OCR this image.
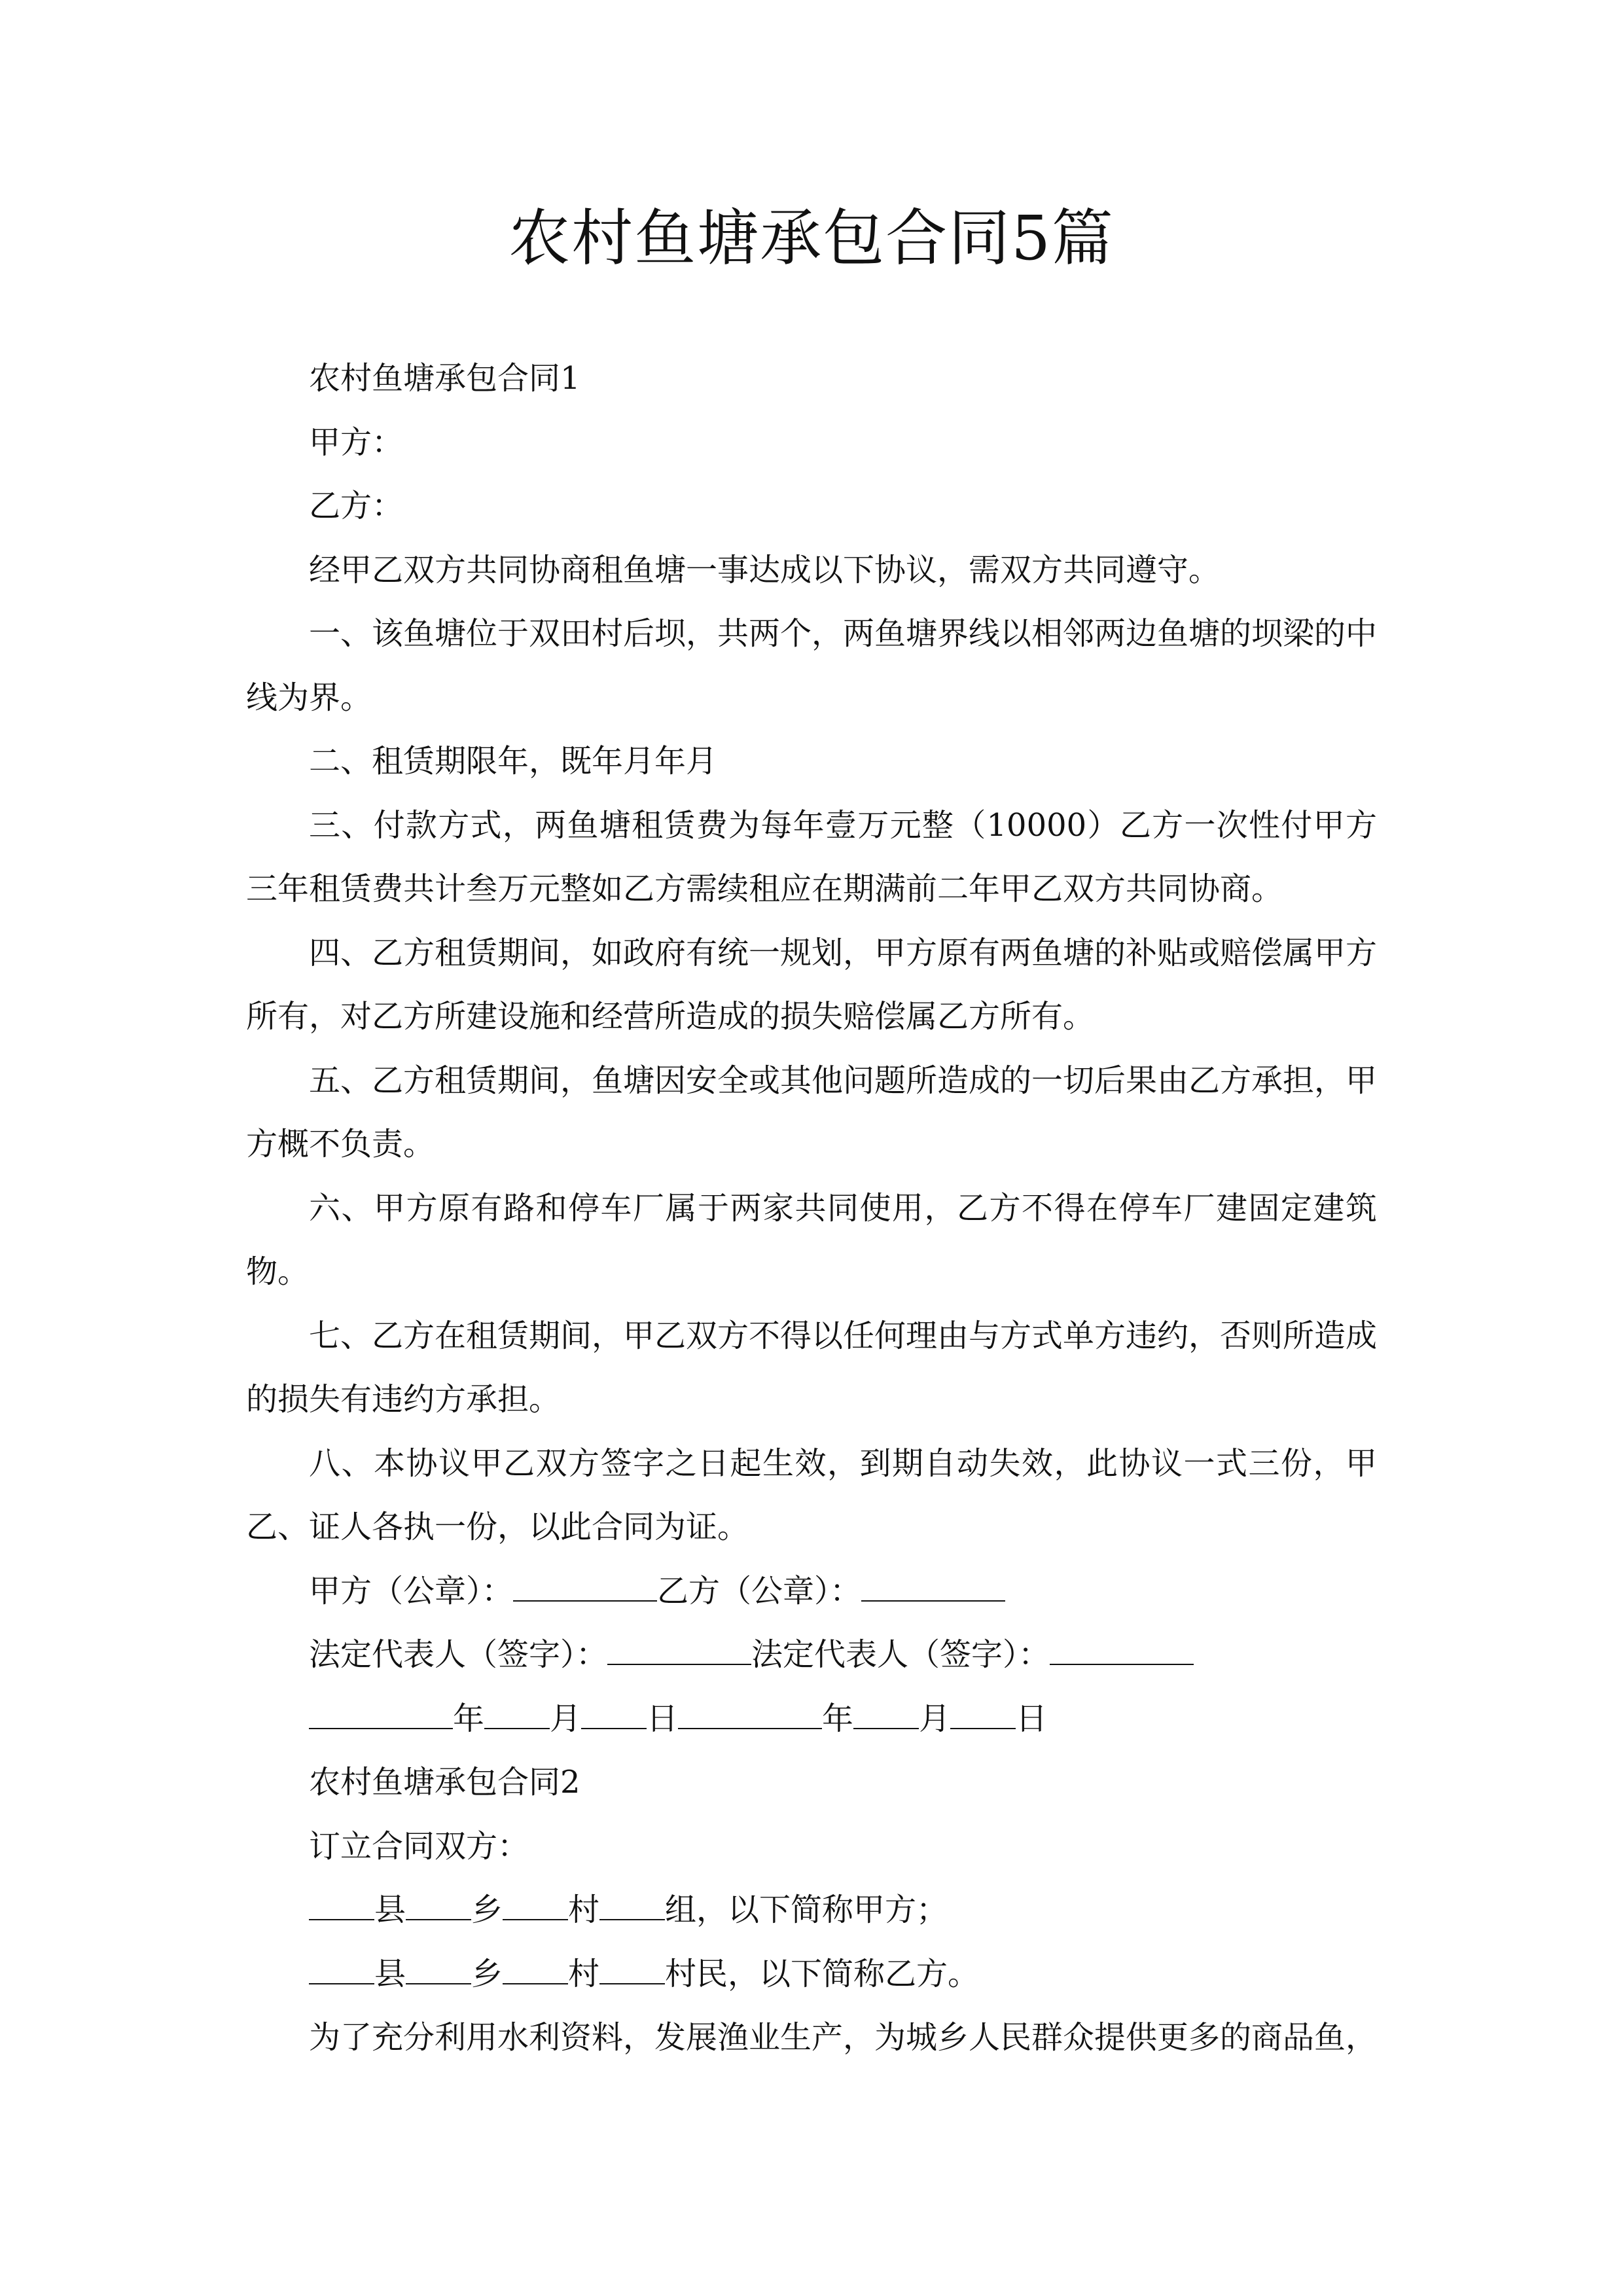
农村鱼塘承包合同5篇

农村鱼塘承包合同1

甲方：

乙方：

经甲乙双方共同协商租鱼塘一事达成以下协议，需双方共同遵守。

一、该鱼塘位于双田村后坝，共两个，两鱼塘界线以相邻两边鱼塘的坝梁的中线为界。

二、租赁期限年，既年月年月

三、付款方式，两鱼塘租赁费为每年壹万元整（10000）乙方一次性付甲方三年租赁费共计叁万元整如乙方需续租应在期满前二年甲乙双方共同协商。

四、乙方租赁期间，如政府有统一规划，甲方原有两鱼塘的补贴或赔偿属甲方所有，对乙方所建设施和经营所造成的损失赔偿属乙方所有。

五、乙方租赁期间，鱼塘因安全或其他问题所造成的一切后果由乙方承担，甲方概不负责。

六、甲方原有路和停车厂属于两家共同使用，乙方不得在停车厂建固定建筑物。

七、乙方在租赁期间，甲乙双方不得以任何理由与方式单方违约，否则所造成的损失有违约方承担。

八、本协议甲乙双方签字之日起生效，到期自动失效，此协议一式三份，甲乙、证人各执一份，以此合同为证。

甲方（公章）：	乙方（公章）：

法定代表人（签字）：	法定代表人（签字）：

年 月 日	年 月 日

农村鱼塘承包合同2

订立合同双方：

县 乡 村 组，以下简称甲方；

县 乡 村 村民，以下简称乙方。

为了充分利用水利资料，发展渔业生产，为城乡人民群众提供更多的商品鱼，
